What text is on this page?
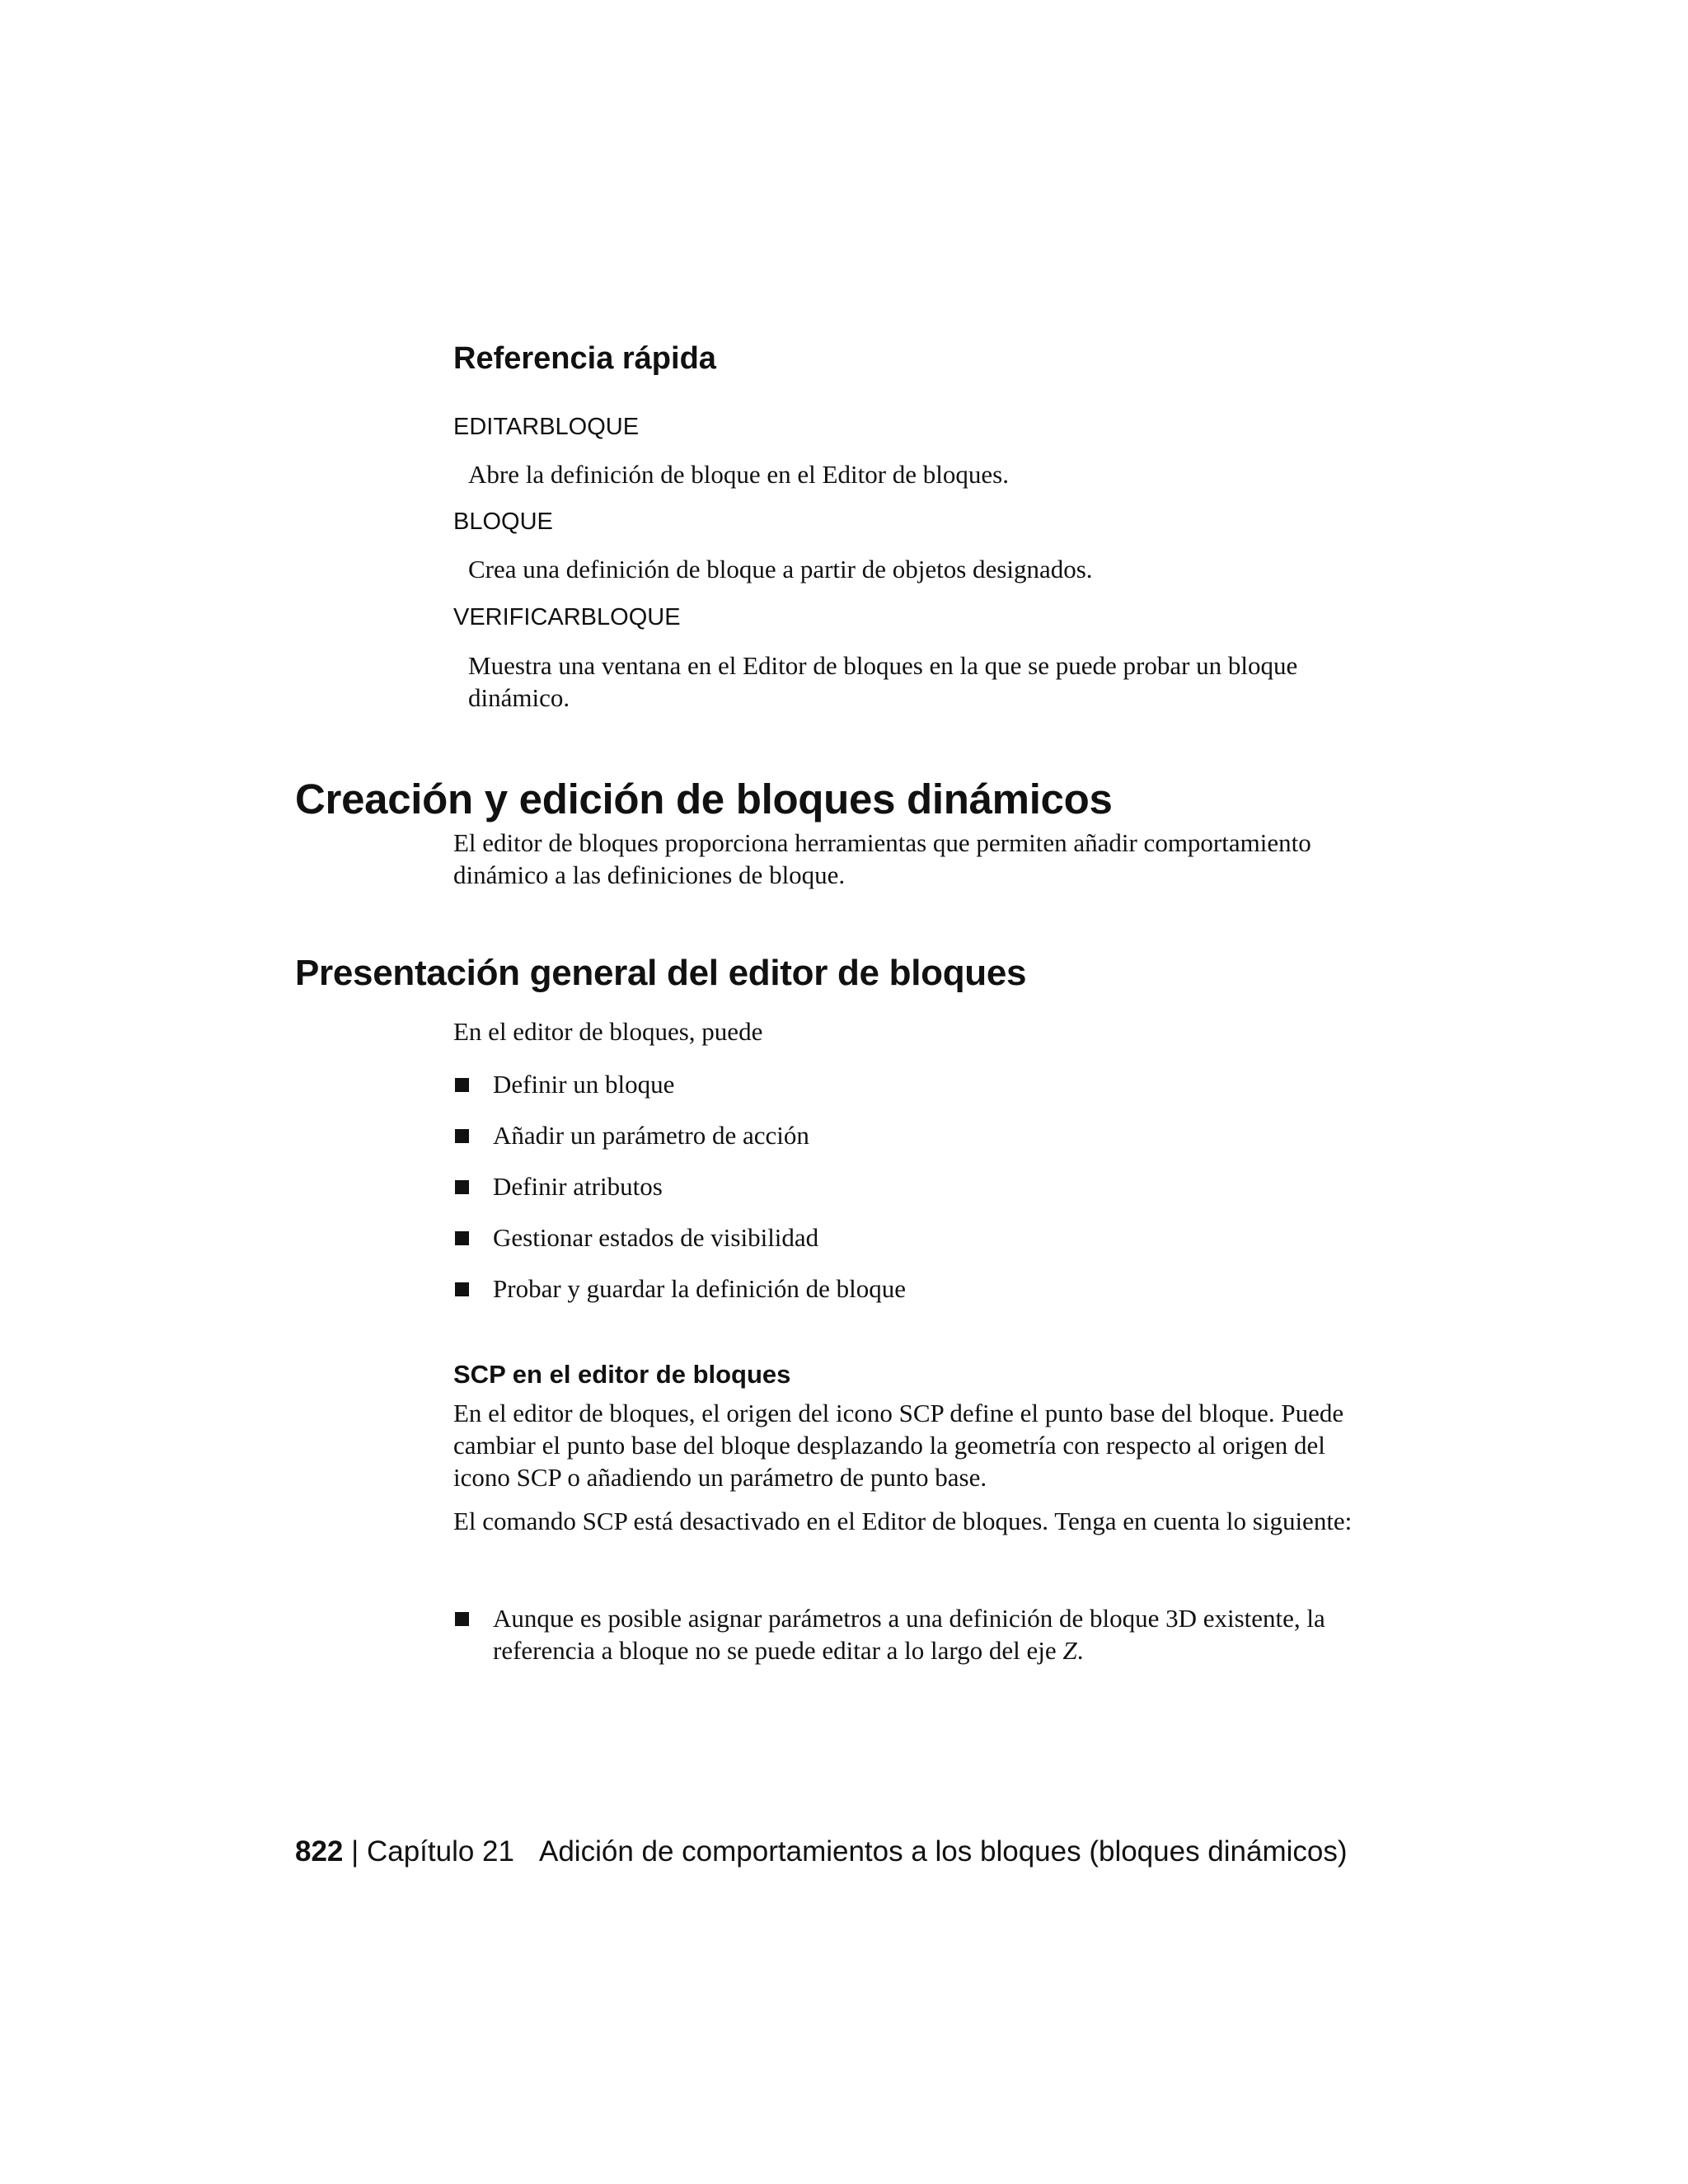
Referencia rápida
EDITARBLOQUE
Abre la definición de bloque en el Editor de bloques.
BLOQUE
Crea una definición de bloque a partir de objetos designados.
VERIFICARBLOQUE
Muestra una ventana en el Editor de bloques en la que se puede probar un bloque dinámico.
Creación y edición de bloques dinámicos
El editor de bloques proporciona herramientas que permiten añadir comportamiento dinámico a las definiciones de bloque.
Presentación general del editor de bloques
En el editor de bloques, puede
Definir un bloque
Añadir un parámetro de acción
Definir atributos
Gestionar estados de visibilidad
Probar y guardar la definición de bloque
SCP en el editor de bloques
En el editor de bloques, el origen del icono SCP define el punto base del bloque. Puede cambiar el punto base del bloque desplazando la geometría con respecto al origen del icono SCP o añadiendo un parámetro de punto base.
El comando SCP está desactivado en el Editor de bloques. Tenga en cuenta lo siguiente:
Aunque es posible asignar parámetros a una definición de bloque 3D existente, la referencia a bloque no se puede editar a lo largo del eje Z.
822 | Capítulo 21 Adición de comportamientos a los bloques (bloques dinámicos)
